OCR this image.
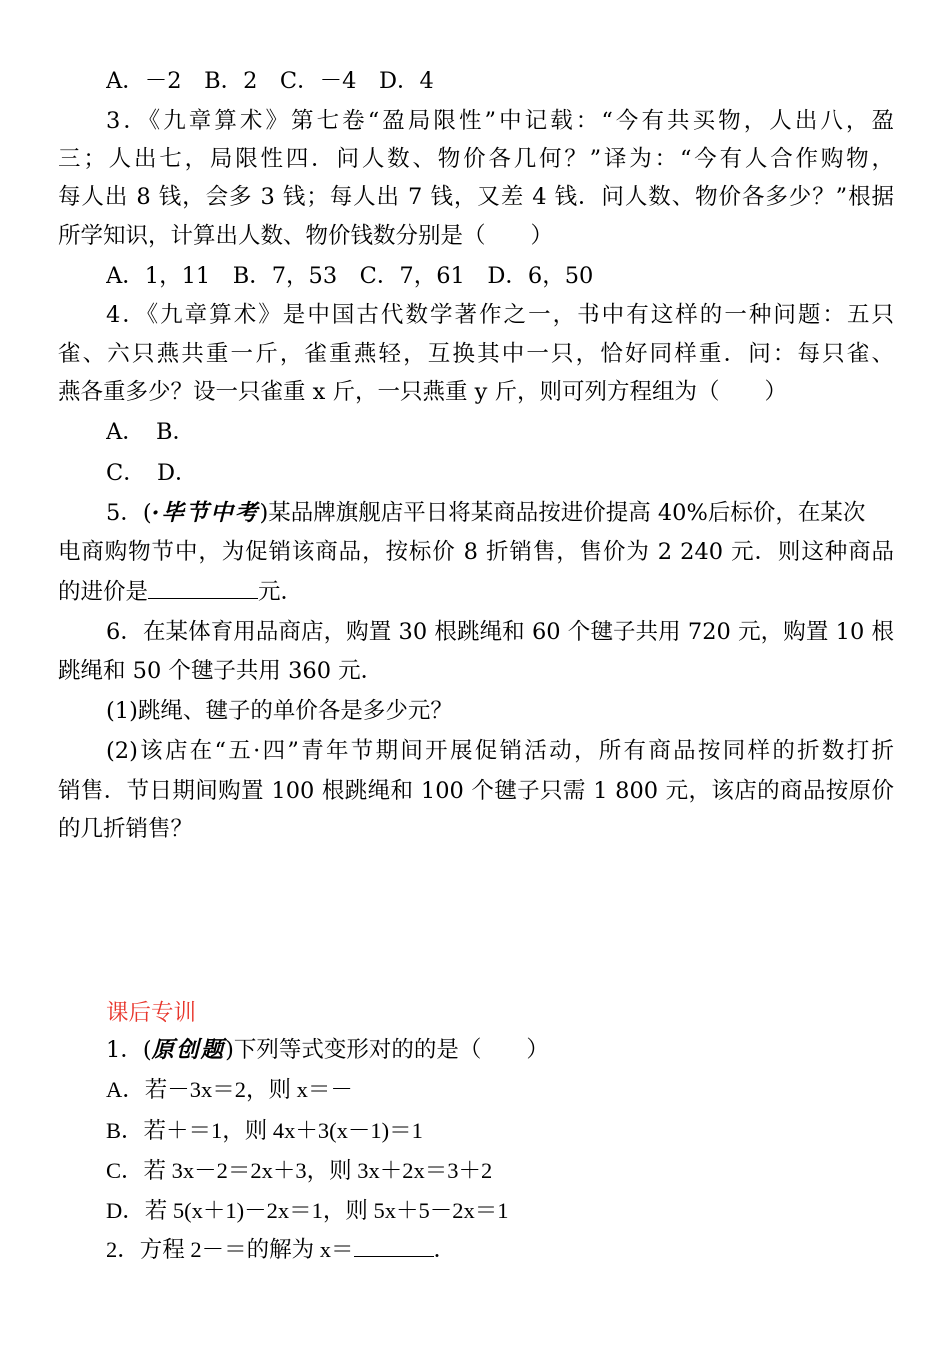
A．－2　B．2　C．－4　D．4
3．《九章算术》第七卷“盈局限性”中记载：“今有共买物，人出八，盈
三；人出七，局限性四．问人数、物价各几何？”译为：“今有人合作购物，
每人出 8 钱，会多 3 钱；每人出 7 钱，又差 4 钱．问人数、物价各多少？”根据
所学知识，计算出人数、物价钱数分别是（　　）
A．1，11　B．7，53　C．7，61　D．6，50
4．《九章算术》是中国古代数学著作之一，书中有这样的一种问题：五只
雀、六只燕共重一斤，雀重燕轻，互换其中一只，恰好同样重．问：每只雀、
燕各重多少？设一只雀重 x 斤，一只燕重 y 斤，则可列方程组为（　　）
A．　B．
C．　D．
5．(·毕节中考)某品牌旗舰店平日将某商品按进价提高 40%后标价，在某次
电商购物节中，为促销该商品，按标价 8 折销售，售价为 2 240 元．则这种商品
的进价是	元．
6．在某体育用品商店，购置 30 根跳绳和 60 个毽子共用 720 元，购置 10 根
跳绳和 50 个毽子共用 360 元．
(1)跳绳、毽子的单价各是多少元？
(2)该店在“五·四”青年节期间开展促销活动，所有商品按同样的折数打折
销售．节日期间购置 100 根跳绳和 100 个毽子只需 1 800 元，该店的商品按原价
的几折销售？
课后专训
1．(原创题)下列等式变形对的的是（　　）
A．若－3x＝2，则 x＝－
B．若＋＝1，则 4x＋3(x－1)＝1
C．若 3x－2＝2x＋3，则 3x＋2x＝3＋2
D．若 5(x＋1)－2x＝1，则 5x＋5－2x＝1
2．方程 2－＝的解为 x＝	．
